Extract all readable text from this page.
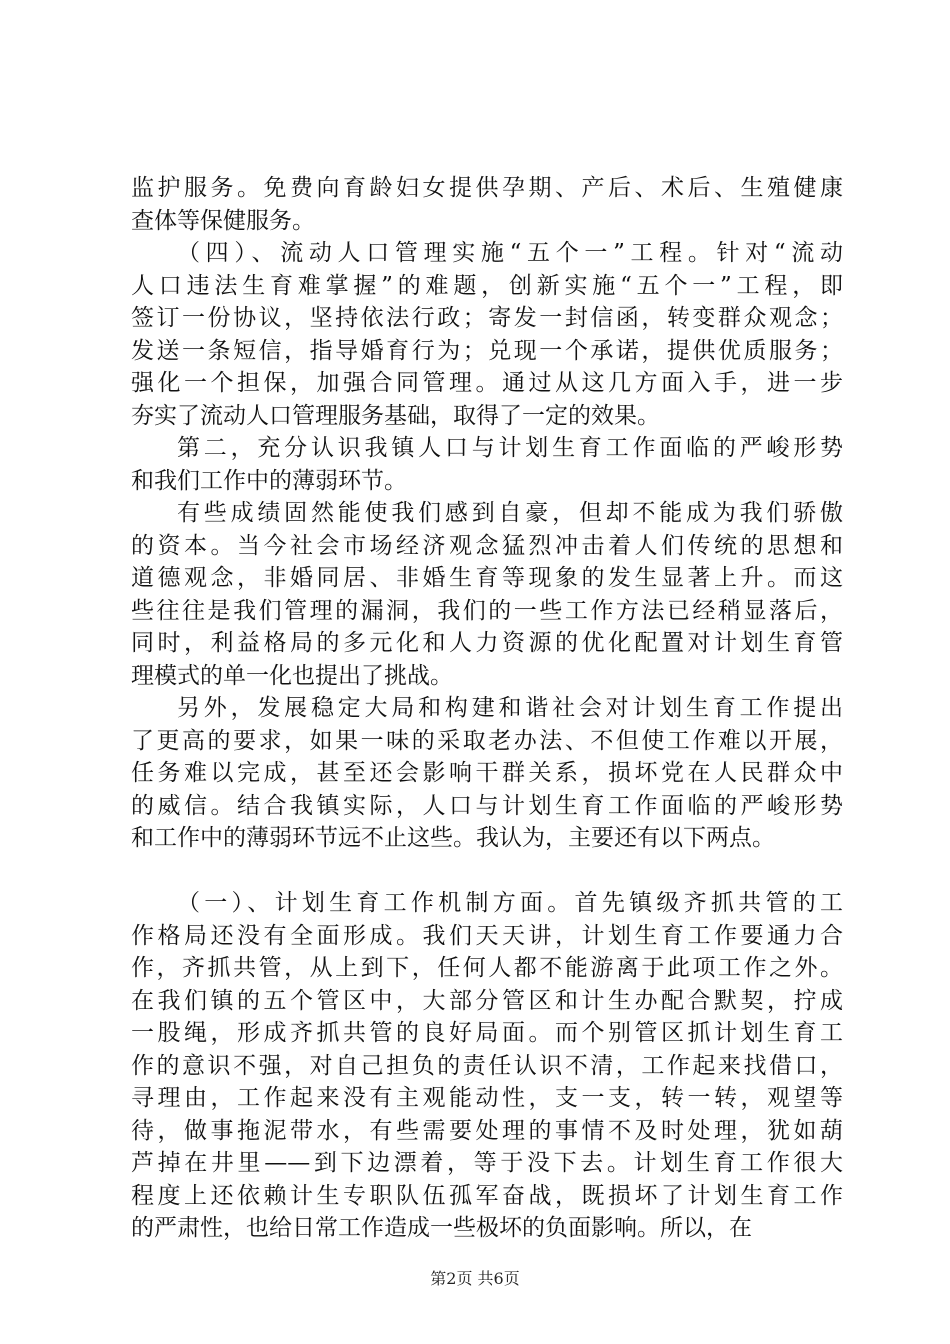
监护服务。免费向育龄妇女提供孕期、产后、术后、生殖健康
查体等保健服务。
（四）、流动人口管理实施“五个一”工程。针对“流动
人口违法生育难掌握”的难题，创新实施“五个一”工程，即
签订一份协议，坚持依法行政；寄发一封信函，转变群众观念；
发送一条短信，指导婚育行为；兑现一个承诺，提供优质服务；
强化一个担保，加强合同管理。通过从这几方面入手，进一步
夯实了流动人口管理服务基础，取得了一定的效果。
第二，充分认识我镇人口与计划生育工作面临的严峻形势
和我们工作中的薄弱环节。
有些成绩固然能使我们感到自豪，但却不能成为我们骄傲
的资本。当今社会市场经济观念猛烈冲击着人们传统的思想和
道德观念，非婚同居、非婚生育等现象的发生显著上升。而这
些往往是我们管理的漏洞，我们的一些工作方法已经稍显落后，
同时，利益格局的多元化和人力资源的优化配置对计划生育管
理模式的单一化也提出了挑战。
另外，发展稳定大局和构建和谐社会对计划生育工作提出
了更高的要求，如果一味的采取老办法、不但使工作难以开展，
任务难以完成，甚至还会影响干群关系，损坏党在人民群众中
的威信。结合我镇实际，人口与计划生育工作面临的严峻形势
和工作中的薄弱环节远不止这些。我认为，主要还有以下两点。
（一）、计划生育工作机制方面。首先镇级齐抓共管的工
作格局还没有全面形成。我们天天讲，计划生育工作要通力合
作，齐抓共管，从上到下，任何人都不能游离于此项工作之外。
在我们镇的五个管区中，大部分管区和计生办配合默契，拧成
一股绳，形成齐抓共管的良好局面。而个别管区抓计划生育工
作的意识不强，对自己担负的责任认识不清，工作起来找借口，
寻理由，工作起来没有主观能动性，支一支，转一转，观望等
待，做事拖泥带水，有些需要处理的事情不及时处理，犹如葫
芦掉在井里——到下边漂着，等于没下去。计划生育工作很大
程度上还依赖计生专职队伍孤军奋战，既损坏了计划生育工作
的严肃性，也给日常工作造成一些极坏的负面影响。所以，在
第2页 共6页
